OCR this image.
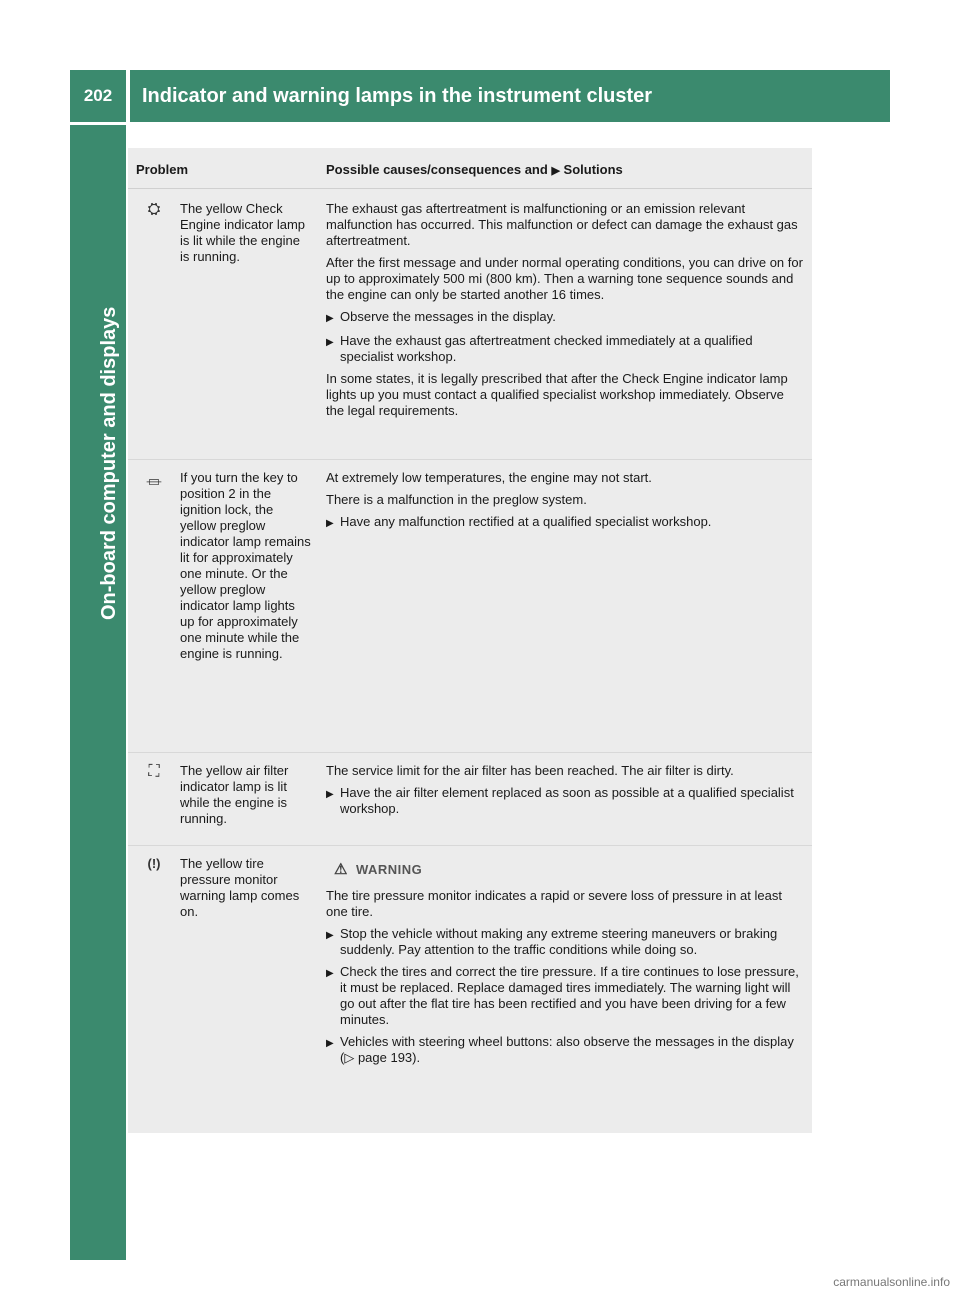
202	Indicator and warning lamps in the instrument cluster
On-board computer and displays
Problem	Possible causes/consequences and ▶ Solutions
⛭	The yellow Check Engine indicator lamp is lit while the engine is running.

The exhaust gas aftertreatment is malfunctioning or an emission relevant malfunction has occurred. This malfunction or defect can damage the exhaust gas aftertreatment.

After the first message and under normal operating conditions, you can drive on for up to approximately 500 mi (800 km). Then a warning tone sequence sounds and the engine can only be started another 16 times.

▶ Observe the messages in the display.
▶ Have the exhaust gas aftertreatment checked immediately at a qualified specialist workshop.

In some states, it is legally prescribed that after the Check Engine indicator lamp lights up you must contact a qualified specialist workshop immediately. Observe the legal requirements.

⏛	If you turn the key to position 2 in the ignition lock, the yellow preglow indicator lamp remains lit for approximately one minute. Or the yellow preglow indicator lamp lights up for approximately one minute while the engine is running.

At extremely low temperatures, the engine may not start.

There is a malfunction in the preglow system.

▶ Have any malfunction rectified at a qualified specialist workshop.
⛶	The yellow air filter indicator lamp is lit while the engine is running.

The service limit for the air filter has been reached. The air filter is dirty.

▶ Have the air filter element replaced as soon as possible at a qualified specialist workshop.
(!)	The yellow tire pressure monitor warning lamp comes on.
⚠ WARNING

The tire pressure monitor indicates a rapid or severe loss of pressure in at least one tire.

▶ Stop the vehicle without making any extreme steering maneuvers or braking suddenly. Pay attention to the traffic conditions while doing so.
▶ Check the tires and correct the tire pressure. If a tire continues to lose pressure, it must be replaced. Replace damaged tires immediately. The warning light will go out after the flat tire has been rectified and you have been driving for a few minutes.
▶ Vehicles with steering wheel buttons: also observe the messages in the display (▷ page 193).
carmanualsonline.info
